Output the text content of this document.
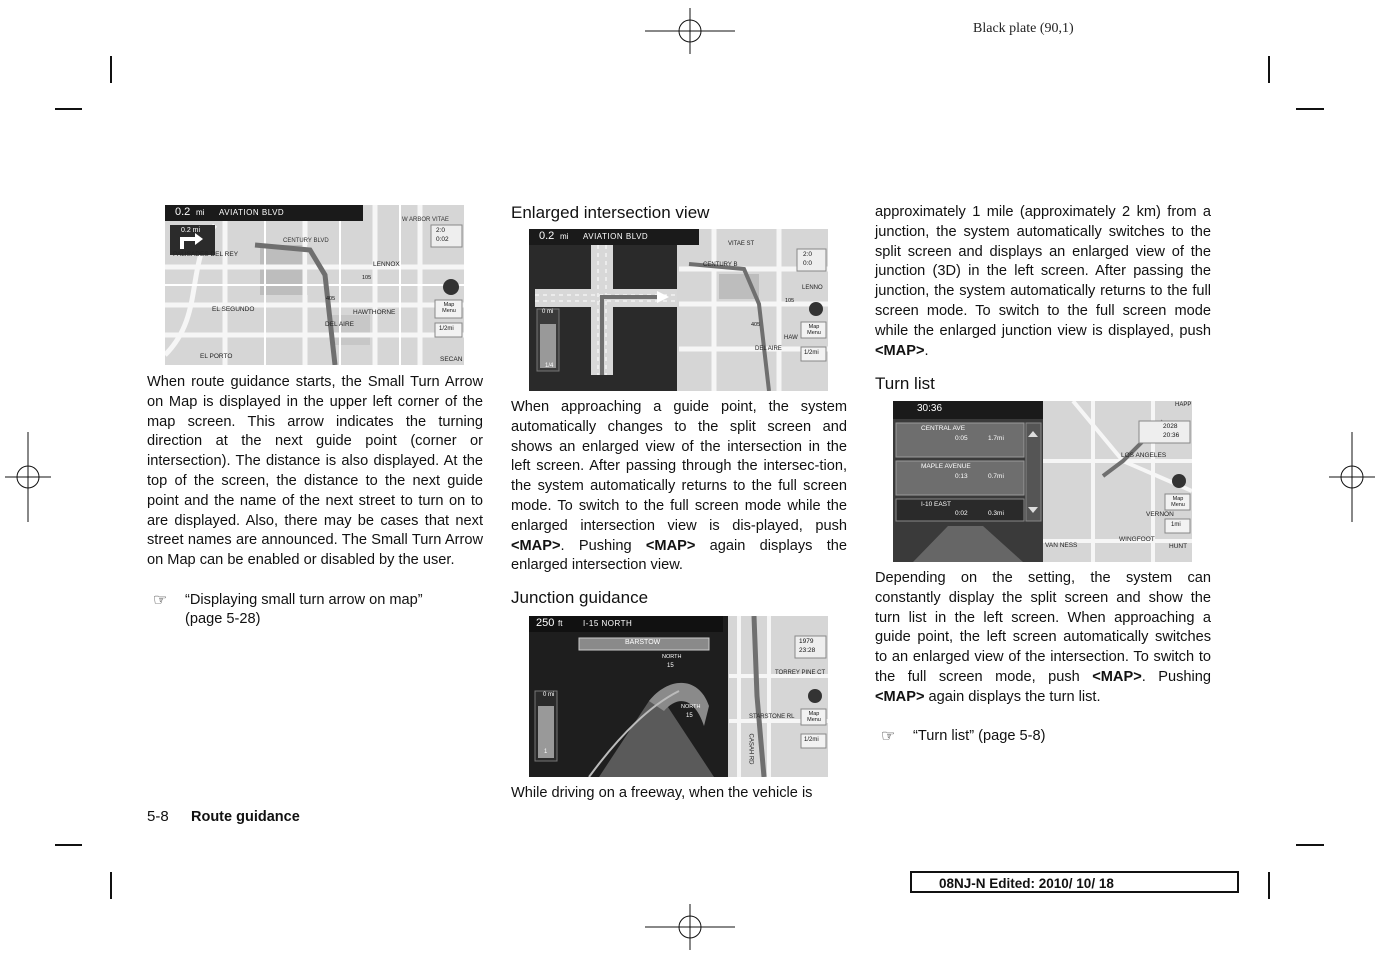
Black plate (90,1)
0.2 mi AVIATION BLVD
0.2 mi
CENTURY BLVD
W ARBOR VITAE
PALISADES DEL REY
LENNOX
EL SEGUNDO	HAWTHORNE
DEL AIRE
EL PORTO	SECAN
2:0
0:02
Map Menu
1/2mi
105
405

When route guidance starts, the Small Turn Arrow on Map is displayed in the upper left corner of the map screen. This arrow indicates the turning direction at the next guide point (corner or intersection). The distance is also displayed. At the top of the screen, the distance to the next guide point and the name of the next street to turn on to are displayed. Also, there may be cases that next street names are announced. The Small Turn Arrow on Map can be enabled or disabled by the user.

☞ “Displaying small turn arrow on map”
(page 5-28)
Enlarged intersection view
0.2 mi AVIATION BLVD
0 mi
1/4
CENTURY B
LENNO
HAW
DEL AIRE
2:0
0:0
Map Menu
1/2mi
405
105
VITAE ST

When approaching a guide point, the system automatically changes to the split screen and shows an enlarged view of the intersection in the left screen. After passing through the intersec-tion, the system automatically returns to the full screen mode. To switch to the full screen mode while the enlarged intersection view is dis-played, push <MAP>. Pushing <MAP> again displays the enlarged intersection view.

Junction guidance
250 ft	I-15 NORTH
BARSTOW
0 mi
1
NORTH
15
NORTH
15
1979
23:28
TORREY PINE CT
Map Menu
1/2mi
STARSTONE RL
CASAH RD

While driving on a freeway, when the vehicle is

approximately 1 mile (approximately 2 km) from a junction, the system automatically switches to the split screen and displays an enlarged view of the junction (3D) in the left screen. After passing the junction, the system automatically returns to the full screen mode. To switch to the full screen mode while the enlarged junction view is displayed, push <MAP>.

Turn list
30:36
CENTRAL AVE
0:05	1.7mi
MAPLE AVENUE
0:13	0.7mi
I-10 EAST
0:02	0.3mi
HAPP
2028
20:36
LOS ANGELES
Map Menu
VERNON
1mi
VAN NESS
WINGFOOT
HUNT

Depending on the setting, the system can constantly display the split screen and show the turn list in the left screen. When approaching a guide point, the left screen automatically switches to an enlarged view of the intersection. To switch to the full screen mode, push <MAP>. Pushing <MAP> again displays the turn list.

☞	“Turn list” (page 5-8)
5-8 Route guidance
08NJ-N Edited: 2010/ 10/ 18
